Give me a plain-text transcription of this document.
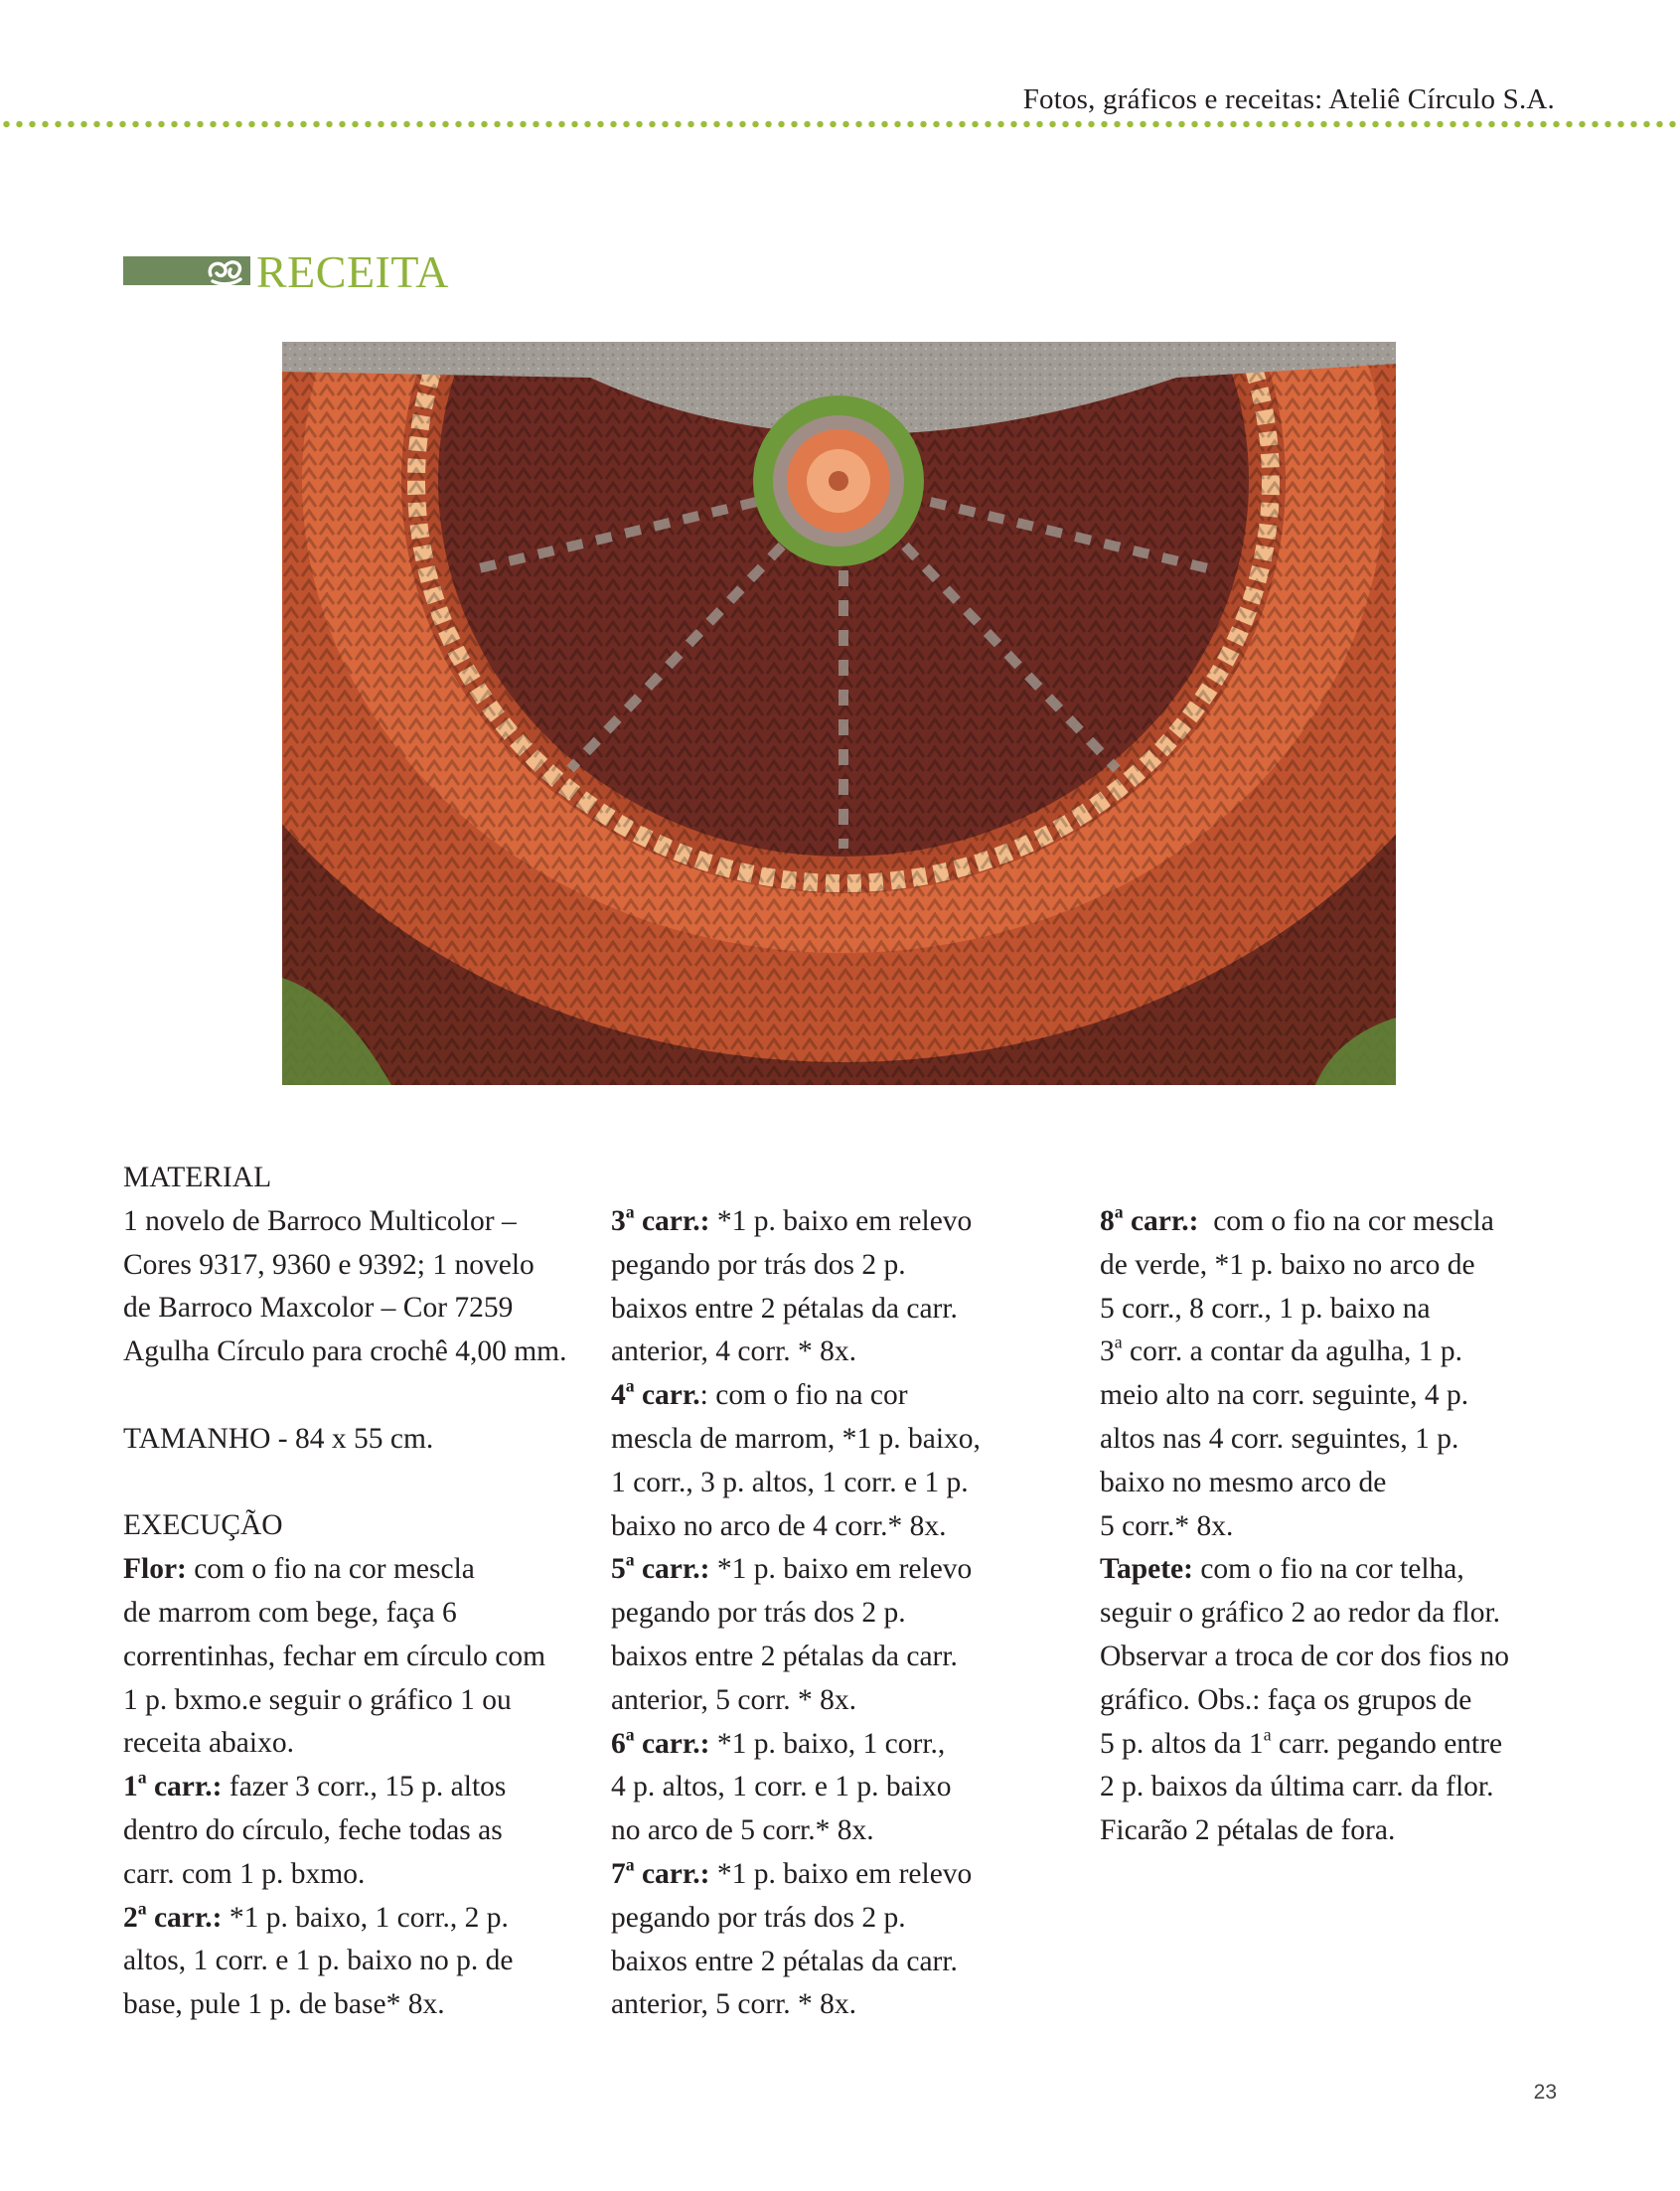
Fotos, gráficos e receitas: Ateliê Círculo S.A.
RECEITA

MATERIAL

1 novelo de Barroco Multicolor –

Cores 9317, 9360 e 9392; 1 novelo

de Barroco Maxcolor – Cor 7259

Agulha Círculo para crochê 4,00 mm.

TAMANHO - 84 x 55 cm.

EXECUÇÃO

Flor: com o fio na cor mescla

de marrom com bege, faça 6

correntinhas, fechar em círculo com

1 p. bxmo.e seguir o gráfico 1 ou

receita abaixo.

1$^a$ carr.: fazer 3 corr., 15 p. altos

dentro do círculo, feche todas as

carr. com 1 p. bxmo.

2$^a$ carr.: *1 p. baixo, 1 corr., 2 p.

altos, 1 corr. e 1 p. baixo no p. de

base, pule 1 p. de base* 8x.

3$^a$ carr.: *1 p. baixo em relevo

pegando por trás dos 2 p.

baixos entre 2 pétalas da carr.

anterior, 4 corr. * 8x.

4$^a$ carr.: com o fio na cor

mescla de marrom, *1 p. baixo,

1 corr., 3 p. altos, 1 corr. e 1 p.

baixo no arco de 4 corr.* 8x.

5$^a$ carr.: *1 p. baixo em relevo

pegando por trás dos 2 p.

baixos entre 2 pétalas da carr.

anterior, 5 corr. * 8x.

6$^a$ carr.: *1 p. baixo, 1 corr.,

4 p. altos, 1 corr. e 1 p. baixo

no arco de 5 corr.* 8x.

7$^a$ carr.: *1 p. baixo em relevo

pegando por trás dos 2 p.

baixos entre 2 pétalas da carr.

anterior, 5 corr. * 8x.

8$^a$ carr.:  com o fio na cor mescla

de verde, *1 p. baixo no arco de

5 corr., 8 corr., 1 p. baixo na

3$^a$ corr. a contar da agulha, 1 p.

meio alto na corr. seguinte, 4 p.

altos nas 4 corr. seguintes, 1 p.

baixo no mesmo arco de

5 corr.* 8x.

Tapete: com o fio na cor telha,

seguir o gráfico 2 ao redor da flor.

Observar a troca de cor dos fios no

gráfico. Obs.: faça os grupos de

5 p. altos da 1$^a$ carr. pegando entre

2 p. baixos da última carr. da flor.

Ficarão 2 pétalas de fora.

23
